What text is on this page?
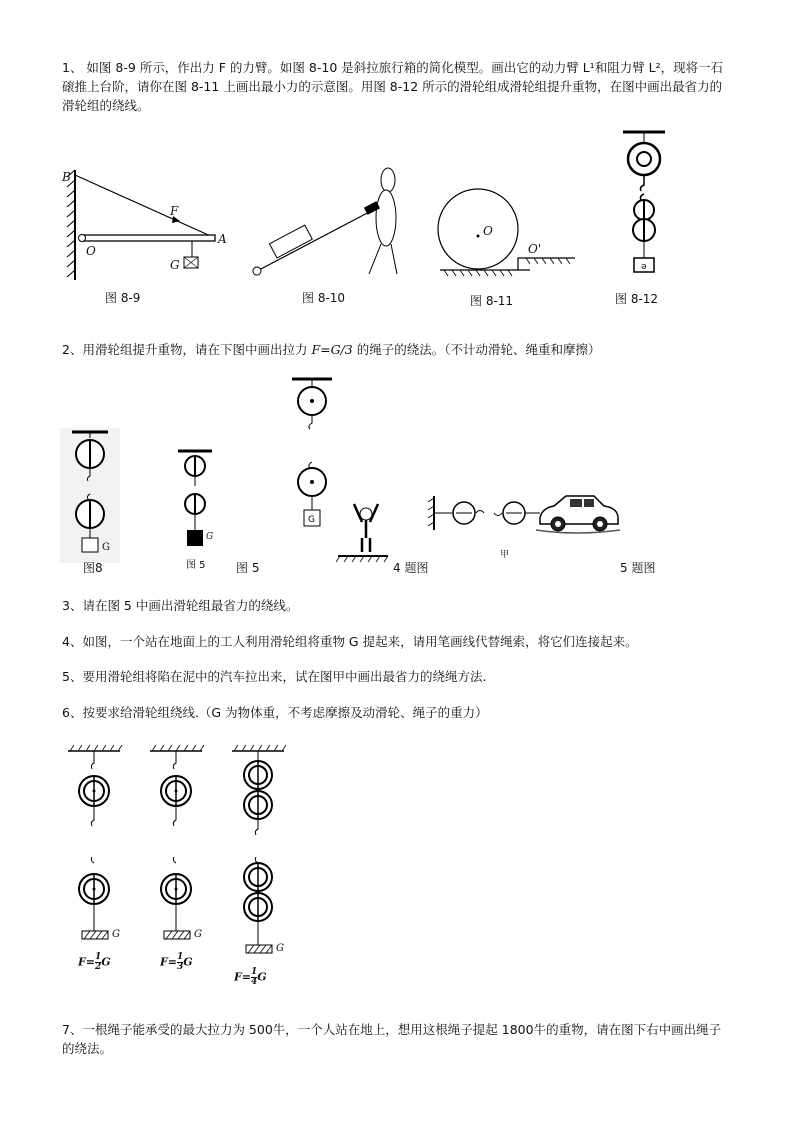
1、 如图 8-9 所示，作出力 F 的力臂。如图 8-10 是斜拉旅行箱的简化模型。画出它的动力臂 L¹和阻力臂 L²，现将一石磙推上台阶，请你在图 8-11 上画出最小力的示意图。用图 8-12 所示的滑轮组成滑轮组提升重物，在图中画出最省力的滑轮组的绕线。
B
F
O
A
G
图 8-9	图 8-10
O
O'
图 8-11
ə
图 8-12
2、用滑轮组提升重物，请在下图中画出拉力 F=G/3 的绳子的绕法。（不计动滑轮、绳重和摩擦）
G
图8
G
图 5	图 5
G
4 题图
甲
5 题图
3、请在图 5 中画出滑轮组最省力的绕线。
4、如图，一个站在地面上的工人利用滑轮组将重物 G 提起来，请用笔画线代替绳索，将它们连接起来。
5、要用滑轮组将陷在泥中的汽车拉出来，试在图甲中画出最省力的绕绳方法.
6、按要求给滑轮组绕线.（G 为物体重，不考虑摩擦及动滑轮、绳子的重力）
G	G
G
$F= \frac{1}{2}$ G	$F= \frac{1}{3}$ G
$F= \frac{1}{4}$ G
7、一根绳子能承受的最大拉力为 500牛，一个人站在地上，想用这根绳子提起 1800牛的重物，请在图下右中画出绳子的绕法。
